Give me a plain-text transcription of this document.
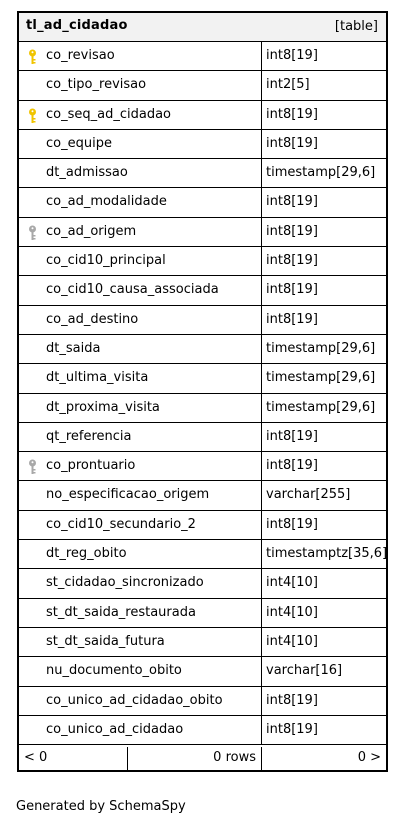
tl_ad_cidadao	[table]
co_revisao	int8[19]
co_tipo_revisao	int2[5]
co_seq_ad_cidadao	int8[19]
co_equipe	int8[19]
dt_admissao	timestamp[29,6]
co_ad_modalidade	int8[19]
co_ad_origem	int8[19]
co_cid10_principal	int8[19]
co_cid10_causa_associada	int8[19]
co_ad_destino	int8[19]
dt_saida	timestamp[29,6]
dt_ultima_visita	timestamp[29,6]
dt_proxima_visita	timestamp[29,6]
qt_referencia	int8[19]
co_prontuario	int8[19]
no_especificacao_origem	varchar[255]
co_cid10_secundario_2	int8[19]
dt_reg_obito	timestamptz[35,6]
st_cidadao_sincronizado	int4[10]
st_dt_saida_restaurada	int4[10]
st_dt_saida_futura	int4[10]
nu_documento_obito	varchar[16]
co_unico_ad_cidadao_obito	int8[19]
co_unico_ad_cidadao	int8[19]
< 0	0 rows	0 >
Generated by SchemaSpy
